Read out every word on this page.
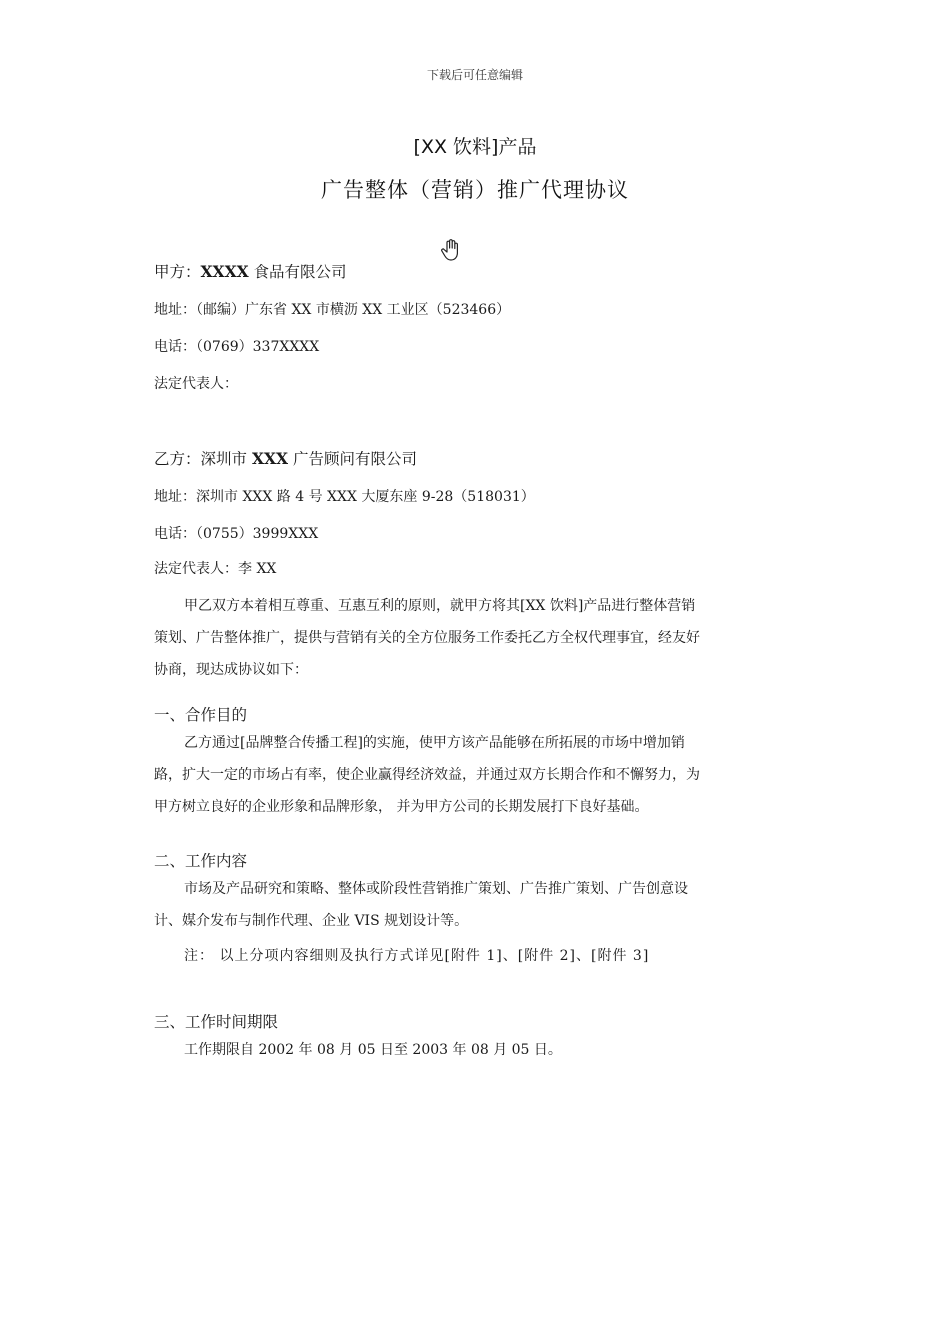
下载后可任意编辑
[XX 饮料]产品
广告整体（营销）推广代理协议
甲方：XXXX 食品有限公司
地址：（邮编）广东省 XX 市横沥 XX 工业区（523466）
电话：（0769）337XXXX
法定代表人：
乙方：深圳市 XXX 广告顾问有限公司
地址：深圳市 XXX 路 4 号 XXX 大厦东座 9-28（518031）
电话：（0755）3999XXX
法定代表人：李 XX

甲乙双方本着相互尊重、互惠互利的原则，就甲方将其[XX 饮料]产品进行整体营销策划、广告整体推广，提供与营销有关的全方位服务工作委托乙方全权代理事宜，经友好协商，现达成协议如下：

一、合作目的

乙方通过[品牌整合传播工程]的实施，使甲方该产品能够在所拓展的市场中增加销路，扩大一定的市场占有率，使企业赢得经济效益，并通过双方长期合作和不懈努力，为甲方树立良好的企业形象和品牌形象， 并为甲方公司的长期发展打下良好基础。

二、工作内容

市场及产品研究和策略、整体或阶段性营销推广策划、广告推广策划、广告创意设计、媒介发布与制作代理、企业 VIS 规划设计等。

注： 以上分项内容细则及执行方式详见[附件 1]、[附件 2]、[附件 3]
三、工作时间期限

工作期限自 2002 年 08 月 05 日至 2003 年 08 月 05 日。
